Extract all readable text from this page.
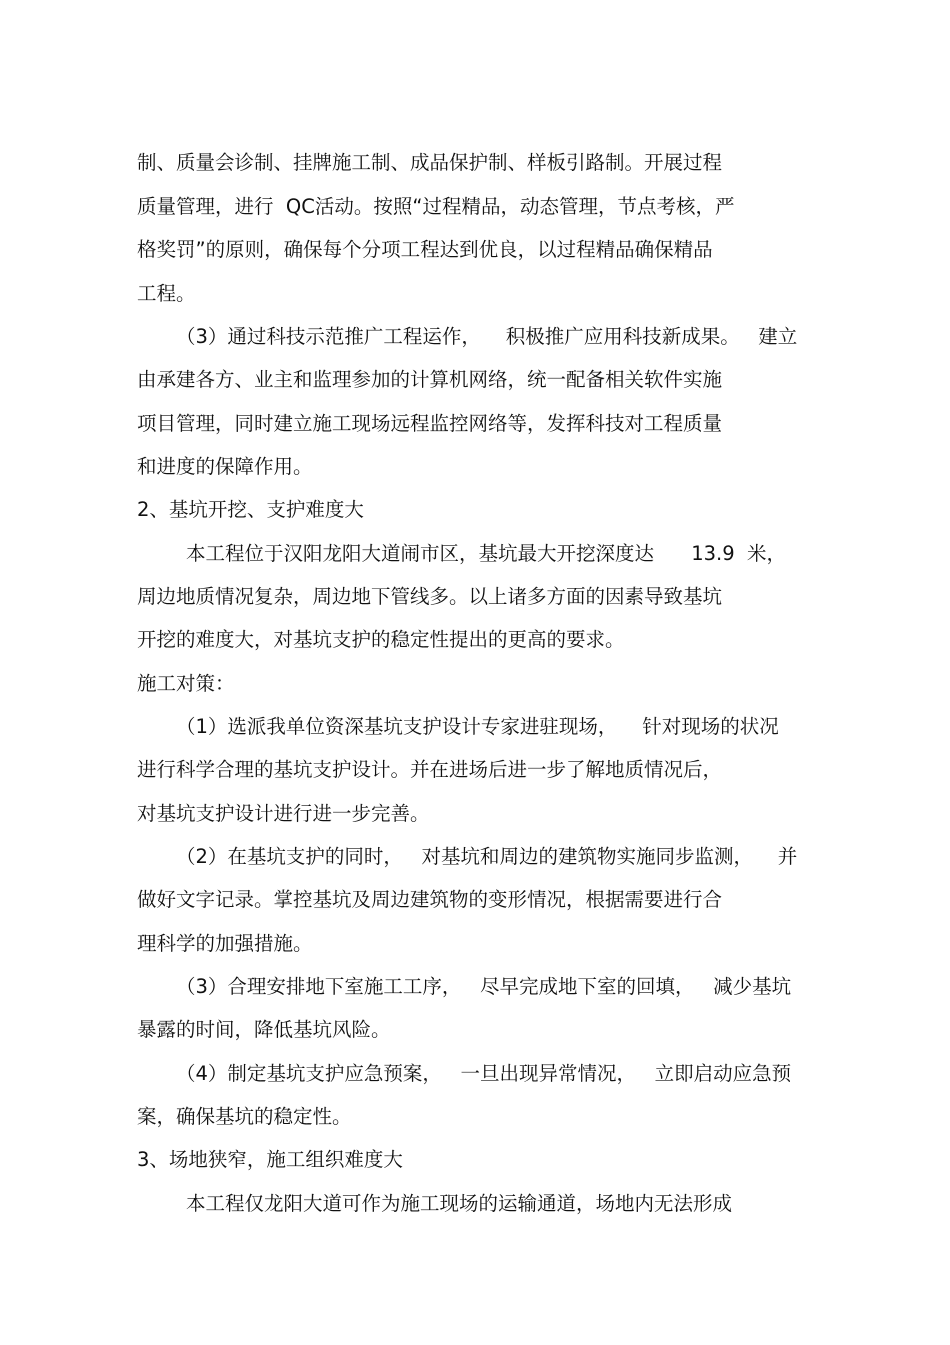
制、质量会诊制、挂牌施工制、成品保护制、样板引路制。开展过程
质量管理，进行  QC活动。按照“过程精品，动态管理，节点考核，严
格奖罚”的原则，确保每个分项工程达到优良，以过程精品确保精品
工程。
（3）通过科技示范推广工程运作，    积极推广应用科技新成果。   建立
由承建各方、业主和监理参加的计算机网络，统一配备相关软件实施
项目管理，同时建立施工现场远程监控网络等，发挥科技对工程质量
和进度的保障作用。
2、基坑开挖、支护难度大
本工程位于汉阳龙阳大道闹市区，基坑最大开挖深度达      13.9  米，
周边地质情况复杂，周边地下管线多。以上诸多方面的因素导致基坑
开挖的难度大，对基坑支护的稳定性提出的更高的要求。
施工对策：
（1）选派我单位资深基坑支护设计专家进驻现场，    针对现场的状况
进行科学合理的基坑支护设计。并在进场后进一步了解地质情况后，
对基坑支护设计进行进一步完善。
（2）在基坑支护的同时，   对基坑和周边的建筑物实施同步监测，    并
做好文字记录。掌控基坑及周边建筑物的变形情况，根据需要进行合
理科学的加强措施。
（3）合理安排地下室施工工序，   尽早完成地下室的回填，   减少基坑
暴露的时间，降低基坑风险。
（4）制定基坑支护应急预案，   一旦出现异常情况，   立即启动应急预
案，确保基坑的稳定性。
3、场地狭窄，施工组织难度大
本工程仅龙阳大道可作为施工现场的运输通道，场地内无法形成
